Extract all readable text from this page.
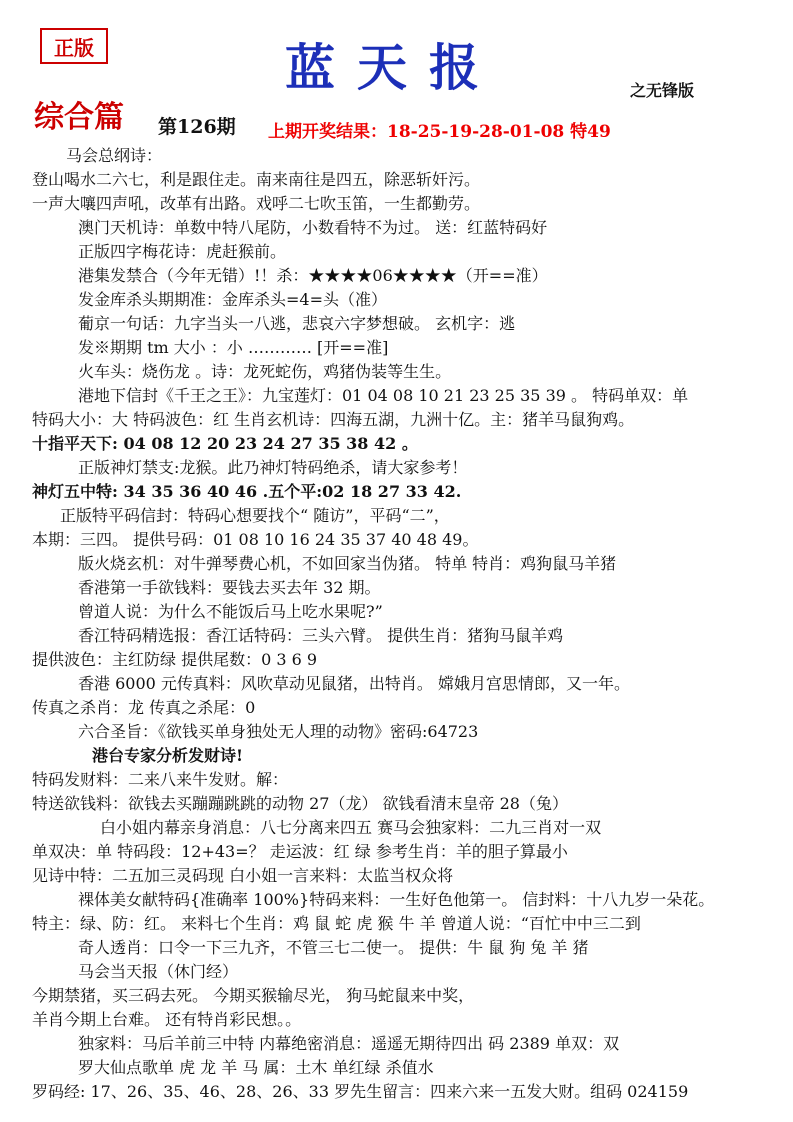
正版	蓝天报	之无锋版
综合篇 第126期 上期开奖结果：18-25-19-28-01-08 特49
马会总纲诗：
登山喝水二六七，利是跟住走。南来南往是四五，除恶斩奸污。
一声大嚷四声吼，改革有出路。戏呼二七吹玉笛，一生都勤劳。
澳门天机诗：单数中特八尾防，小数看特不为过。 送：红蓝特码好
正版四字梅花诗：虎赶猴前。
港集发禁合（今年无错）!！杀：★★★★06★★★★（开==准）
发金库杀头期期准：金库杀头=4=头（准）
葡京一句话：九字当头一八逃，悲哀六字梦想破。 玄机字：逃
发※期期 tm 大小 ：小 ………… [开==准]
火车头：烧伤龙 。诗：龙死蛇伤，鸡猪伪装等生生。
港地下信封《千王之王》：九宝莲灯：01 04 08 10 21 23 25 35 39 。 特码单双：单
特码大小：大 特码波色：红 生肖玄机诗：四海五湖，九洲十亿。主：猪羊马鼠狗鸡。
十指平天下: 04 08 12 20 23 24 27 35 38 42 。
正版神灯禁支:龙猴。此乃神灯特码绝杀，请大家参考！
神灯五中特: 34 35 36 40 46 .五个平:02 18 27 33 42.
正版特平码信封：特码心想要找个“ 随访”，平码“二”，
本期：三四。 提供号码：01 08 10 16 24 35 37 40 48 49。
版火烧玄机：对牛弹琴费心机，不如回家当伪猪。 特单 特肖：鸡狗鼠马羊猪
香港第一手欲钱料：要钱去买去年 32 期。
曾道人说：为什么不能饭后马上吃水果呢?”
香江特码精选报：香江话特码：三头六臂。 提供生肖：猪狗马鼠羊鸡
提供波色：主红防绿 提供尾数：0 3 6 9
香港 6000 元传真料：风吹草动见鼠猪，出特肖。 嫦娥月宫思情郎，又一年。
传真之杀肖：龙 传真之杀尾：0
六合圣旨：《欲钱买单身独处无人理的动物》密码:64723
港台专家分析发财诗!
特码发财料：二来八来牛发财。解：
特送欲钱料：欲钱去买蹦蹦跳跳的动物 27（龙） 欲钱看清末皇帝 28（兔）
白小姐内幕亲身消息：八七分离来四五 赛马会独家料：二九三肖对一双
单双决：单 特码段：12+43=？ 走运波：红 绿 参考生肖：羊的胆子算最小
见诗中特：二五加三灵码现 白小姐一言来料：太监当权众将
裸体美女献特码{准确率 100%}特码来料：一生好色他第一。 信封料：十八九岁一朵花。
特主：绿、防：红。 来料七个生肖：鸡 鼠 蛇 虎 猴 牛 羊 曾道人说：“百忙中中三二到
奇人透肖：口令一下三九齐，不管三七二使一。 提供：牛 鼠 狗 兔 羊 猪
马会当天报（休门经）
今期禁猪，买三码去死。 今期买猴输尽光， 狗马蛇鼠来中奖，
羊肖今期上台难。 还有特肖彩民想。。
独家料：马后羊前三中特 内幕绝密消息：遥遥无期待四出 码 2389 单双：双
罗大仙点歌单 虎 龙 羊 马 属：土木 单红绿 杀值水
罗码经: 17、26、35、46、28、26、33 罗先生留言：四来六来一五发大财。组码 024159
